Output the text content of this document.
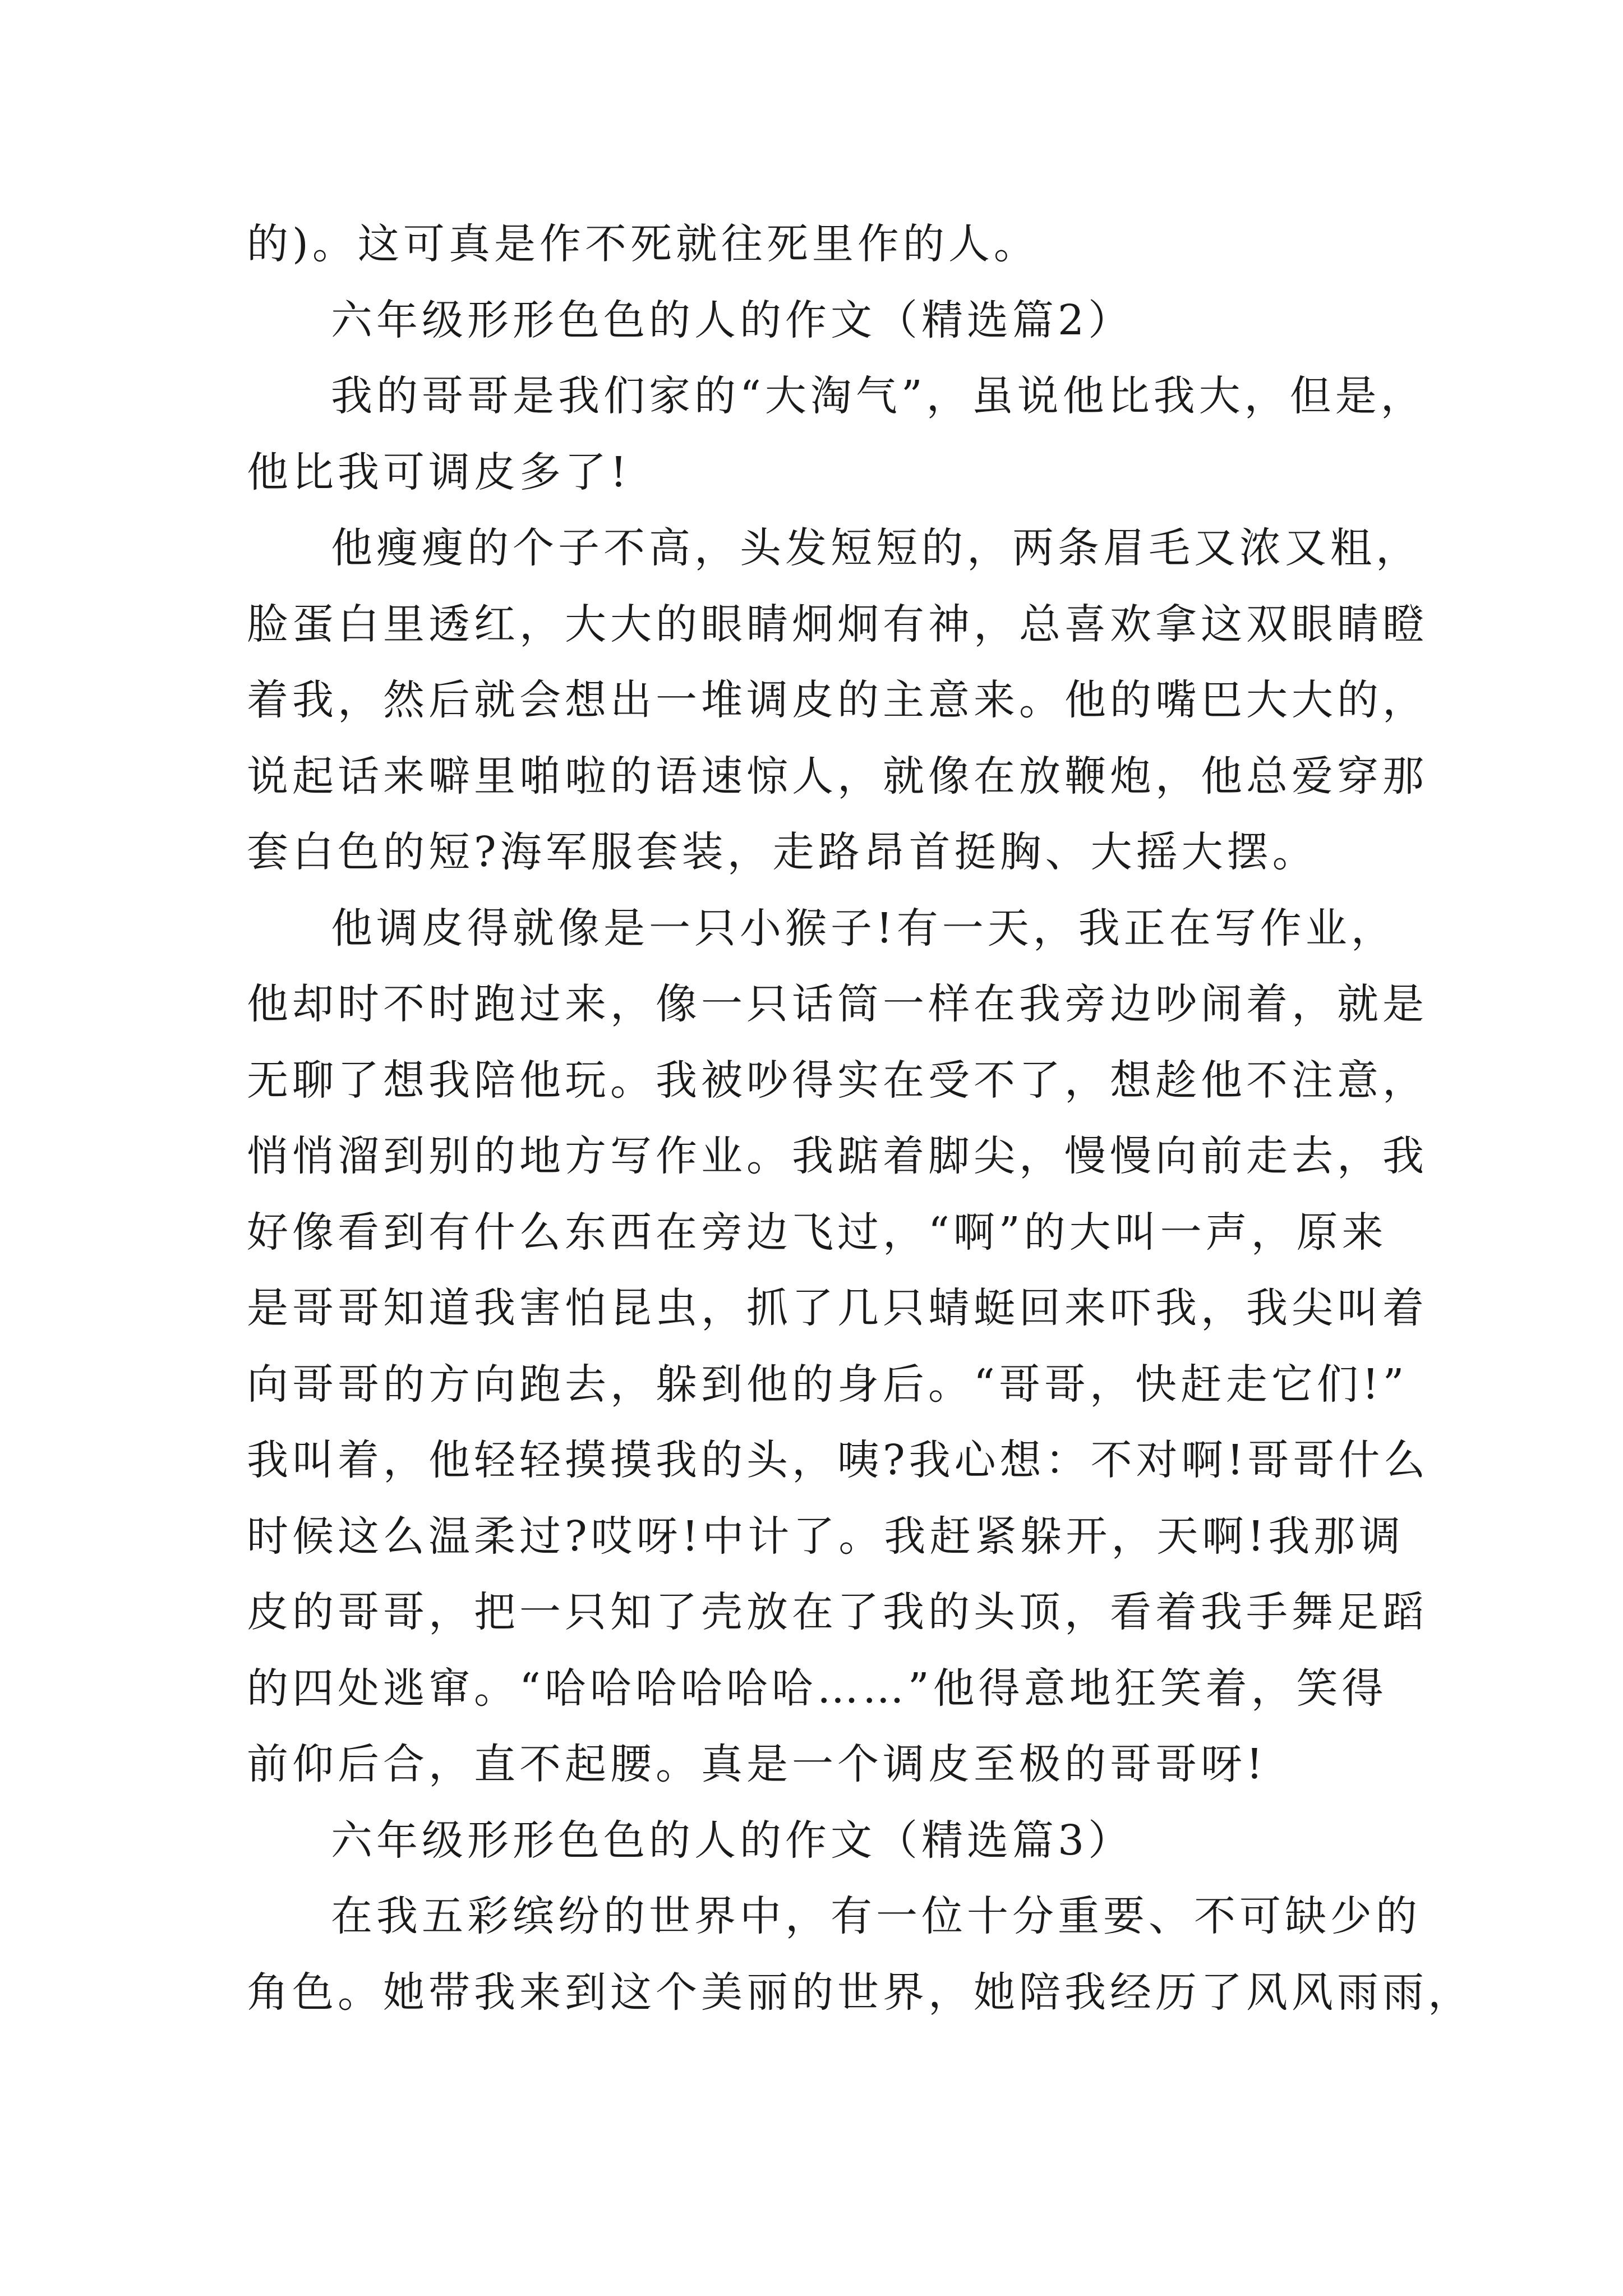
的)。这可真是作不死就往死里作的人。
六年级形形色色的人的作文（精选篇2）
我的哥哥是我们家的“大淘气”，虽说他比我大，但是，
他比我可调皮多了!
他瘦瘦的个子不高，头发短短的，两条眉毛又浓又粗，
脸蛋白里透红，大大的眼睛炯炯有神，总喜欢拿这双眼睛瞪
着我，然后就会想出一堆调皮的主意来。他的嘴巴大大的，
说起话来噼里啪啦的语速惊人，就像在放鞭炮，他总爱穿那
套白色的短?海军服套装，走路昂首挺胸、大摇大摆。
他调皮得就像是一只小猴子!有一天，我正在写作业，
他却时不时跑过来，像一只话筒一样在我旁边吵闹着，就是
无聊了想我陪他玩。我被吵得实在受不了，想趁他不注意，
悄悄溜到别的地方写作业。我踮着脚尖，慢慢向前走去，我
好像看到有什么东西在旁边飞过，“啊”的大叫一声，原来
是哥哥知道我害怕昆虫，抓了几只蜻蜓回来吓我，我尖叫着
向哥哥的方向跑去，躲到他的身后。“哥哥，快赶走它们!”
我叫着，他轻轻摸摸我的头，咦?我心想：不对啊!哥哥什么
时候这么温柔过?哎呀!中计了。我赶紧躲开，天啊!我那调
皮的哥哥，把一只知了壳放在了我的头顶，看着我手舞足蹈
的四处逃窜。“哈哈哈哈哈哈……”他得意地狂笑着，笑得
前仰后合，直不起腰。真是一个调皮至极的哥哥呀!
六年级形形色色的人的作文（精选篇3）
在我五彩缤纷的世界中，有一位十分重要、不可缺少的
角色。她带我来到这个美丽的世界，她陪我经历了风风雨雨，
